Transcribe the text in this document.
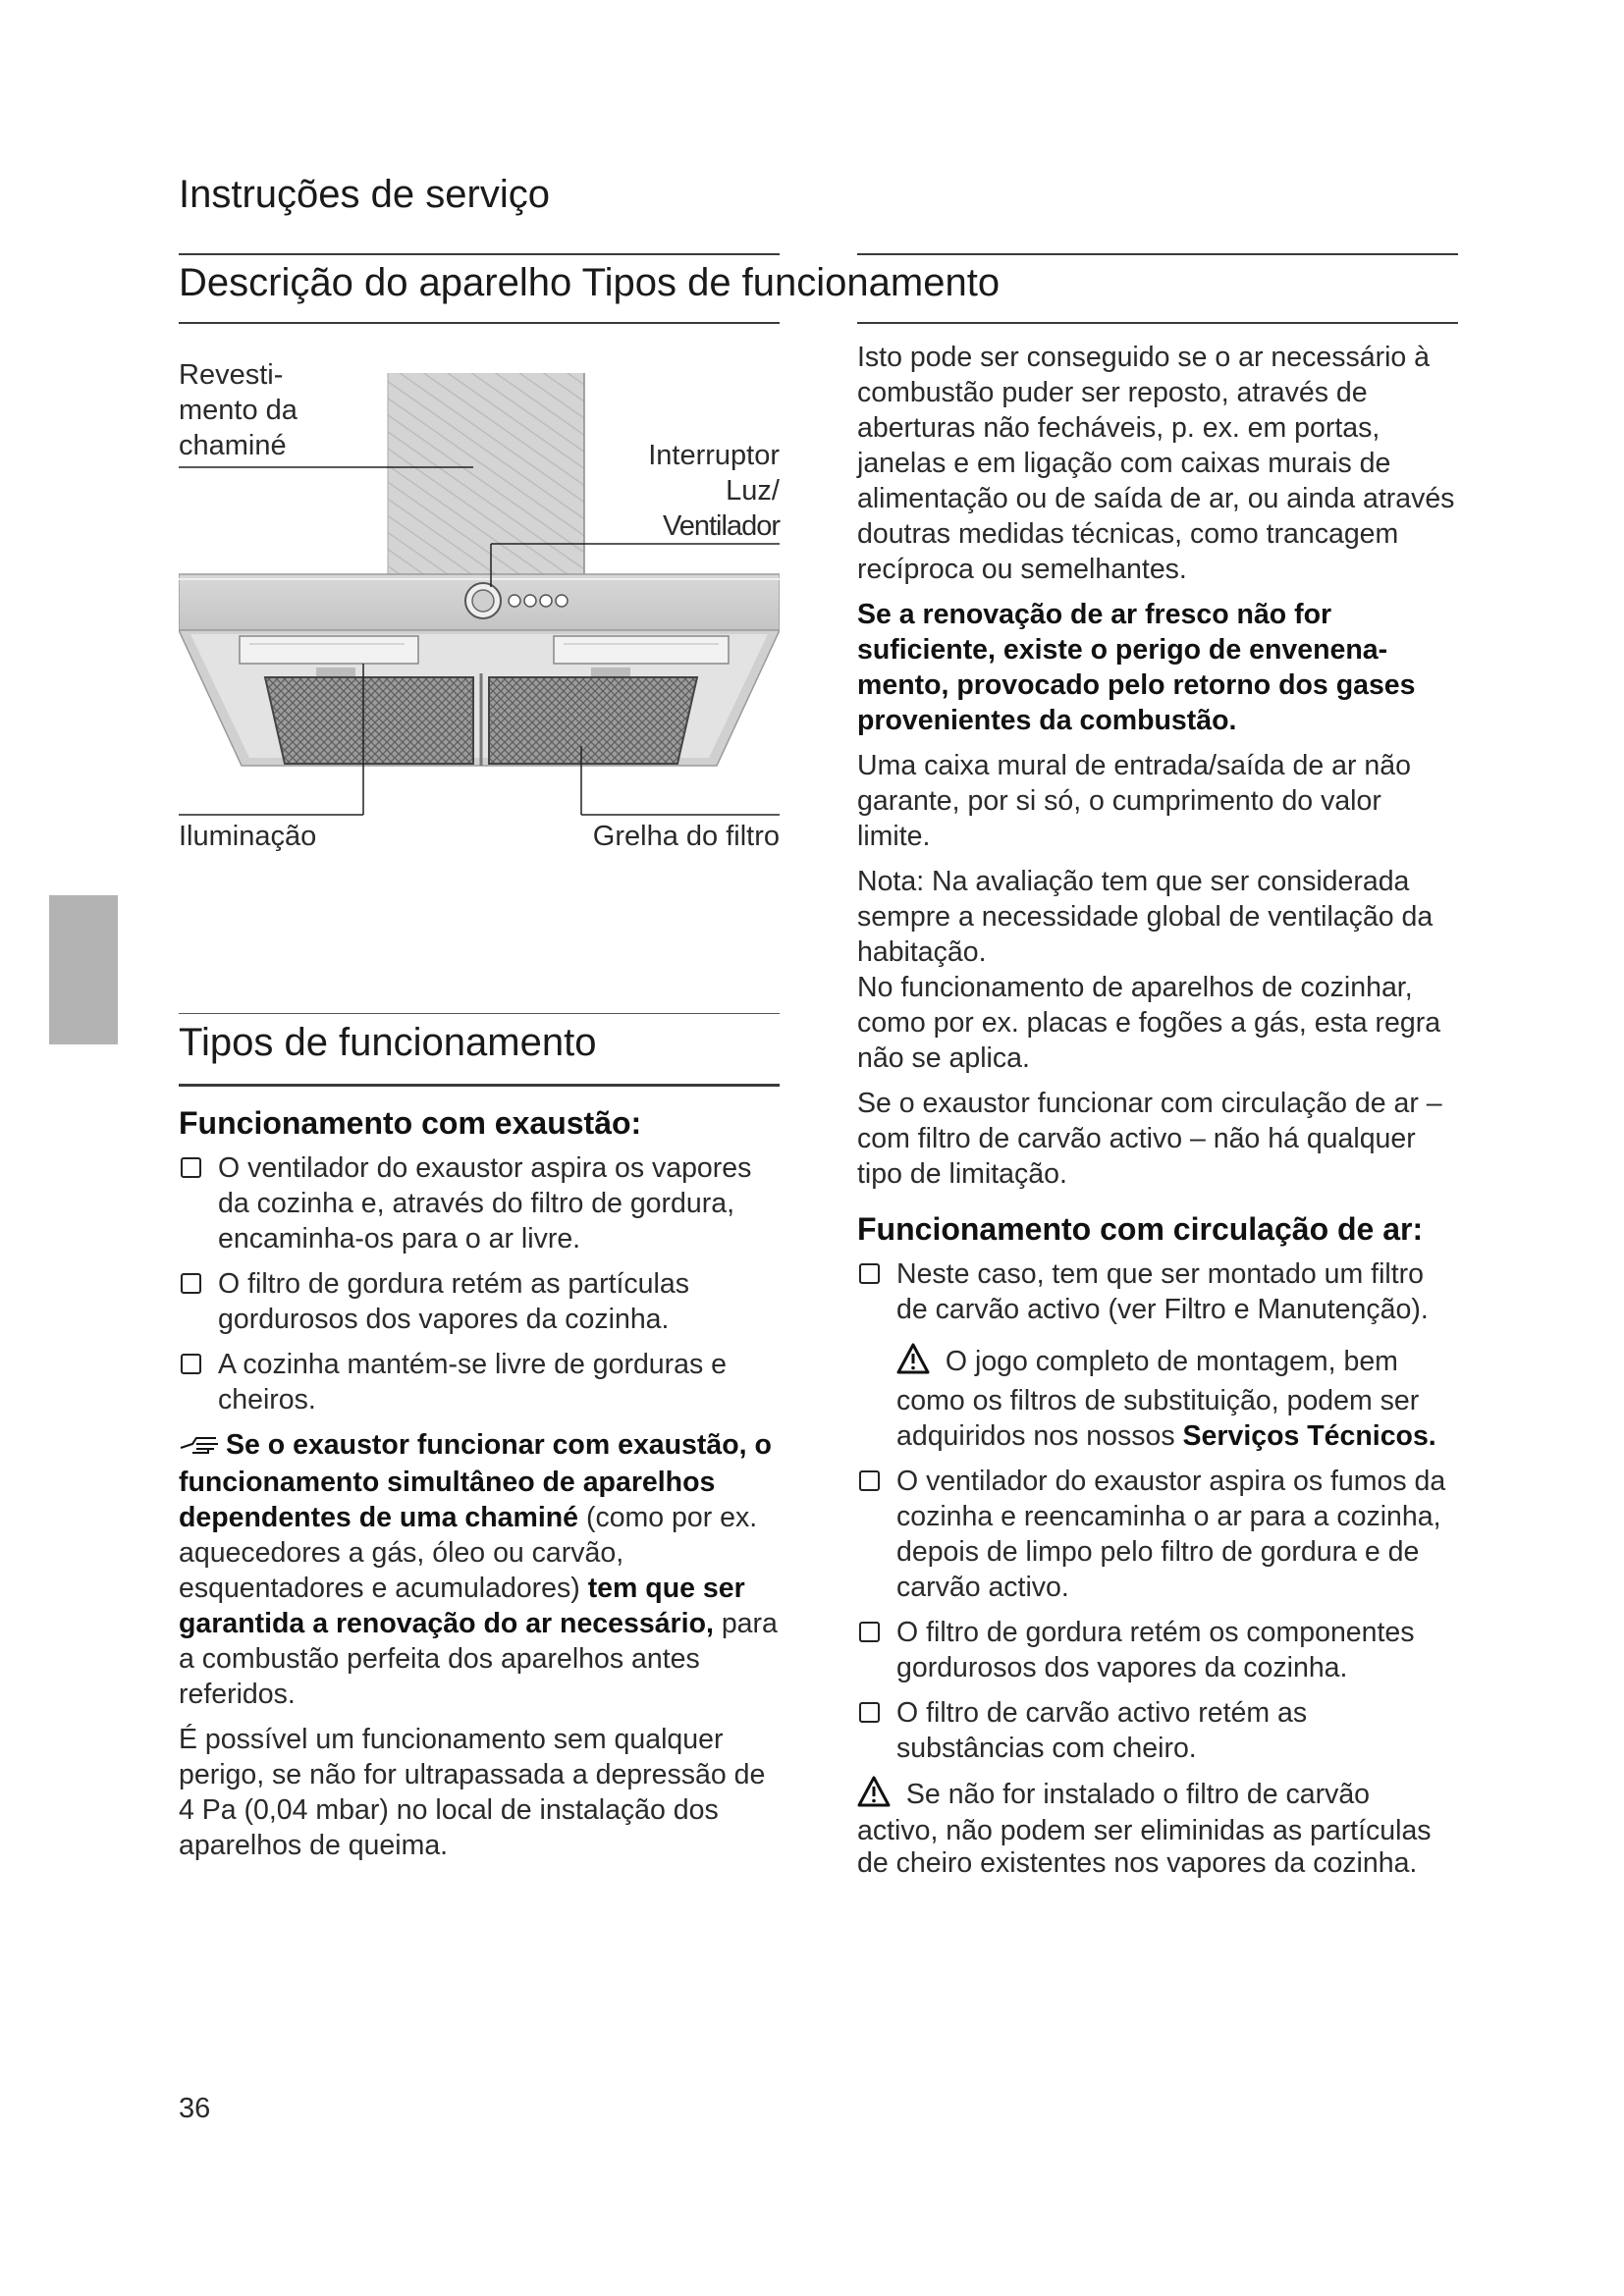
Instruções de serviço
Descrição do aparelho Tipos de funcionamento
Revesti-
mento da
chaminé	Interruptor
Luz/
Ventilador
Iluminação	Grelha do filtro
Tipos de funcionamento
Funcionamento com exaustão:
O ventilador do exaustor aspira os vapores da cozinha e, através do filtro de gordura, encaminha-os para o ar livre.
O filtro de gordura retém as partículas gordurosos dos vapores da cozinha.
A cozinha mantém-se livre de gorduras e cheiros.

Se o exaustor funcionar com exaustão, o funcionamento simultâneo de aparelhos dependentes de uma chaminé (como por ex. aquecedores a gás, óleo ou carvão, esquentadores e acumuladores) tem que ser garantida a renovação do ar necessário, para a combustão perfeita dos aparelhos antes referidos.

É possível um funcionamento sem qualquer perigo, se não for ultrapassada a depressão de 4 Pa (0,04 mbar) no local de instalação dos aparelhos de queima.

Isto pode ser conseguido se o ar necessário à combustão puder ser reposto, através de aberturas não fecháveis, p. ex. em portas, janelas e em ligação com caixas murais de alimentação ou de saída de ar, ou ainda através doutras medidas técnicas, como trancagem recíproca ou semelhantes.

Se a renovação de ar fresco não for suficiente, existe o perigo de envenena-mento, provocado pelo retorno dos gases provenientes da combustão.

Uma caixa mural de entrada/saída de ar não garante, por si só, o cumprimento do valor limite.

Nota: Na avaliação tem que ser considerada sempre a necessidade global de ventilação da habitação.

No funcionamento de aparelhos de cozinhar, como por ex. placas e fogões a gás, esta regra não se aplica.

Se o exaustor funcionar com circulação de ar – com filtro de carvão activo – não há qualquer tipo de limitação.

Funcionamento com circulação de ar:
Neste caso, tem que ser montado um filtro de carvão activo (ver Filtro e Manutenção).

O jogo completo de montagem, bem como os filtros de substituição, podem ser adquiridos nos nossos Serviços Técnicos.

O ventilador do exaustor aspira os fumos da cozinha e reencaminha o ar para a cozinha, depois de limpo pelo filtro de gordura e de carvão activo.
O filtro de gordura retém os componentes gordurosos dos vapores da cozinha.
O filtro de carvão activo retém as substâncias com cheiro.

Se não for instalado o filtro de carvão activo, não podem ser eliminidas as partículas de cheiro existentes nos vapores da cozinha.

36
